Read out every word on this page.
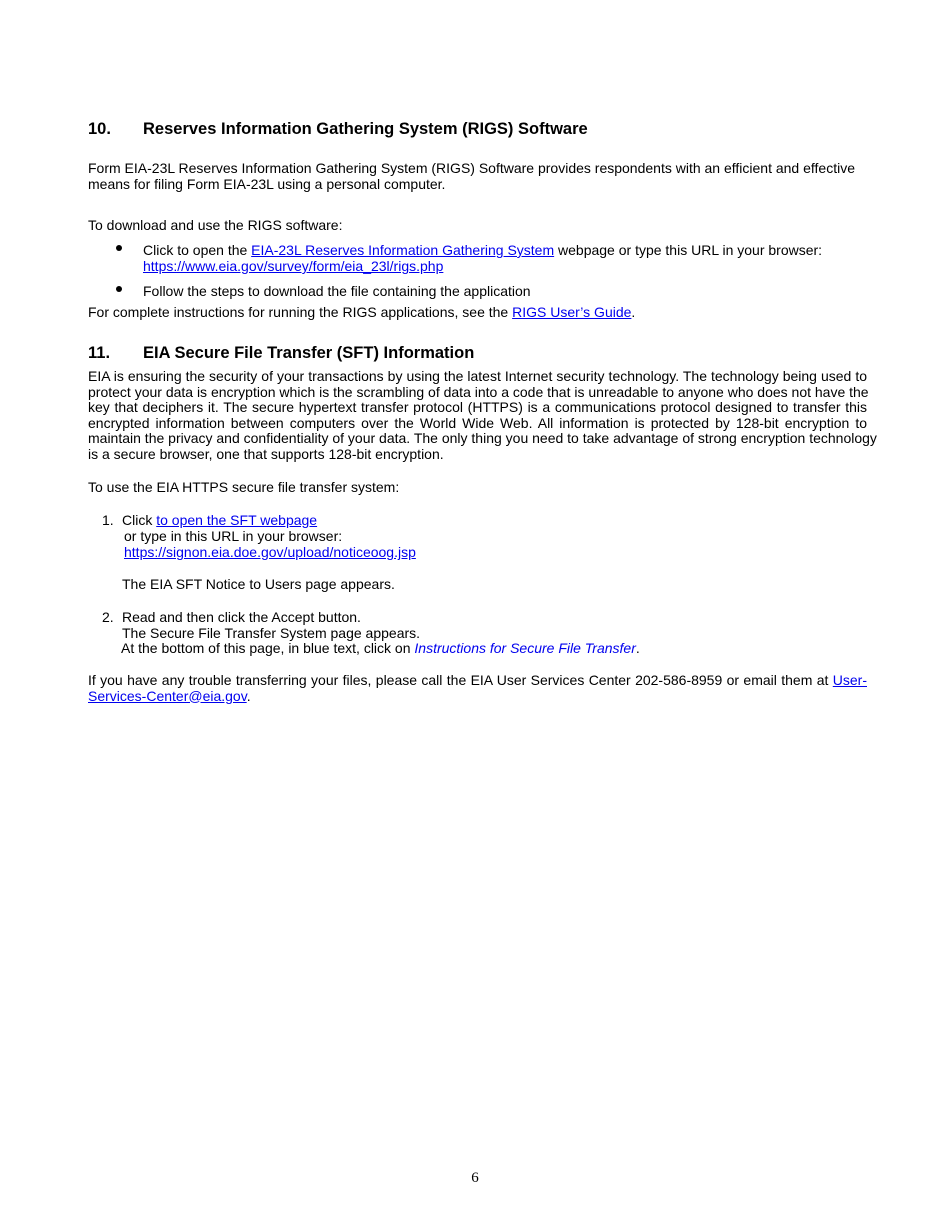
10. Reserves Information Gathering System (RIGS) Software
Form EIA-23L Reserves Information Gathering System (RIGS) Software provides respondents with an efficient and effective
means for filing Form EIA-23L using a personal computer.
To download and use the RIGS software:
Click to open the EIA-23L Reserves Information Gathering System webpage or type this URL in your browser:
https://www.eia.gov/survey/form/eia_23l/rigs.php
Follow the steps to download the file containing the application
For complete instructions for running the RIGS applications, see the RIGS User’s Guide.
11. EIA Secure File Transfer (SFT) Information
EIA is ensuring the security of your transactions by using the latest Internet security technology. The technology being used to
protect your data is encryption which is the scrambling of data into a code that is unreadable to anyone who does not have the
key that deciphers it. The secure hypertext transfer protocol (HTTPS) is a communications protocol designed to transfer this
encrypted information between computers over the World Wide Web. All information is protected by 128-bit encryption to
maintain the privacy and confidentiality of your data. The only thing you need to take advantage of strong encryption technology
is a secure browser, one that supports 128-bit encryption.
To use the EIA HTTPS secure file transfer system:
1. Click to open the SFT webpage
or type in this URL in your browser:
https://signon.eia.doe.gov/upload/noticeoog.jsp
The EIA SFT Notice to Users page appears.
2. Read and then click the Accept button.
The Secure File Transfer System page appears.
At the bottom of this page, in blue text, click on Instructions for Secure File Transfer.
If you have any trouble transferring your files, please call the EIA User Services Center 202-586-8959 or email them at User-
Services-Center@eia.gov.
6
